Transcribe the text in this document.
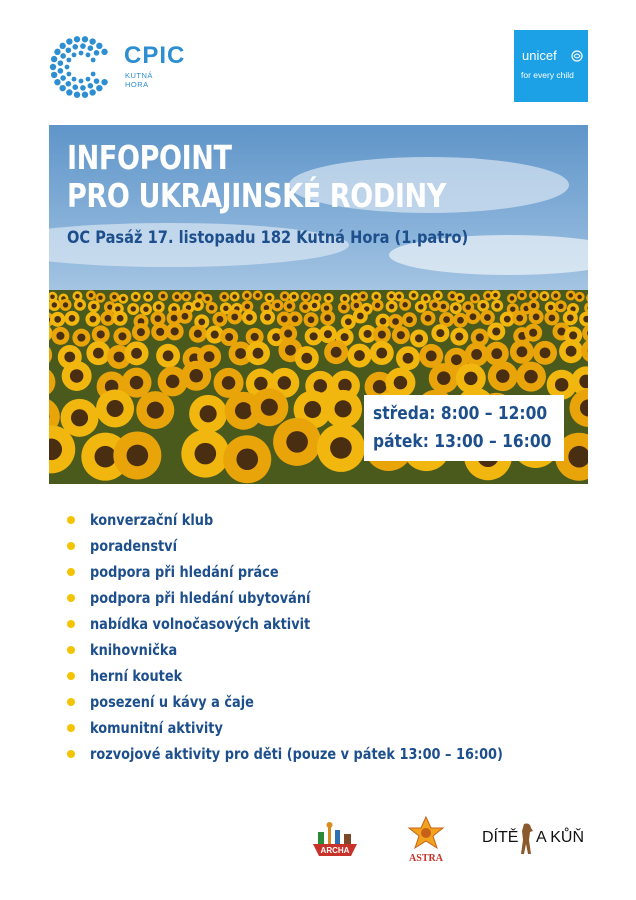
CPIC
KUTNÁ
HORA
unicef
for every child
INFOPOINT
PRO UKRAJINSKÉ RODINY
OC Pasáž 17. listopadu 182 Kutná Hora (1.patro)
středa: 8:00 – 12:00
pátek: 13:00 – 16:00
konverzační klub
poradenství
podpora při hledání práce
podpora při hledání ubytování
nabídka volnočasových aktivit
knihovnička
herní koutek
posezení u kávy a čaje
komunitní aktivity
rozvojové aktivity pro děti (pouze v pátek 13:00 – 16:00)
ARCHA
ASTRA
DÍTĚ A KŮŇ
